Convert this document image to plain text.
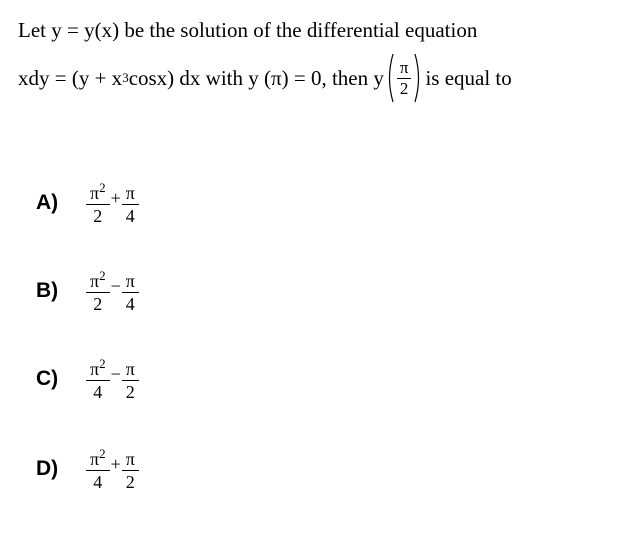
Let y = y(x) be the solution of the differential equation
xdy = (y + x 3 cosx) dx with y (π) = 0, then y $\frac{\pi}{2}$ is equal to
$A) \frac{\pi^2}{2} + \frac{\pi}{4}$
$B) \frac{\pi^2}{2} - \frac{\pi}{4}$
$C) \frac{\pi^2}{4} - \frac{\pi}{2}$
$D) \frac{\pi^2}{4} + \frac{\pi}{2}$
